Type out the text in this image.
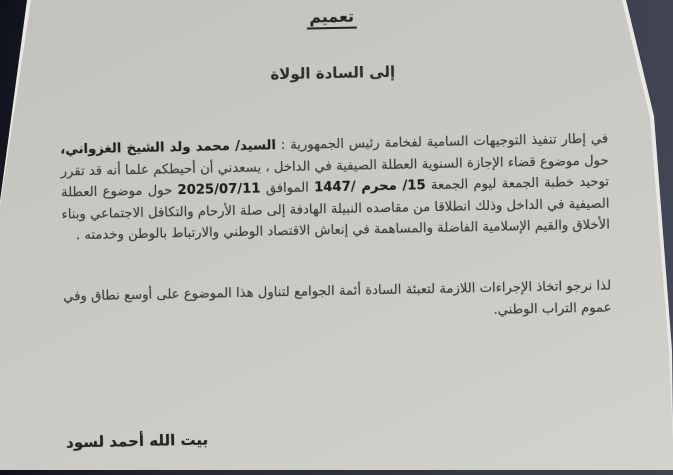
تعميم
إلى السادة الولاة
في إطار تنفيذ التوجيهات السامية لفخامة رئيس الجمهورية : السيد/ محمد ولد الشيخ الغزواني، حول موضوع قضاء الإجازة السنوية العطلة الصيفية في الداخل ، يسعدني أن أحيطكم علما أنه قد تقرر توحيد خطبة الجمعة ليوم الجمعة 15/ محرم /1447 الموافق 2025/07/11 حول موضوع العطلة الصيفية في الداخل وذلك انطلاقا من مقاصده النبيلة الهادفة إلى صلة الأرحام والتكافل الاجتماعي وبناء الأخلاق والقيم الإسلامية الفاضلة والمساهمة في إنعاش الاقتصاد الوطني والارتباط بالوطن وخدمته .
لذا نرجو اتخاذ الإجراءات اللازمة لتعبئة السادة أئمة الجوامع لتناول هذا الموضوع على أوسع نطاق وفي عموم التراب الوطني.
بيت الله أحمد لسود
